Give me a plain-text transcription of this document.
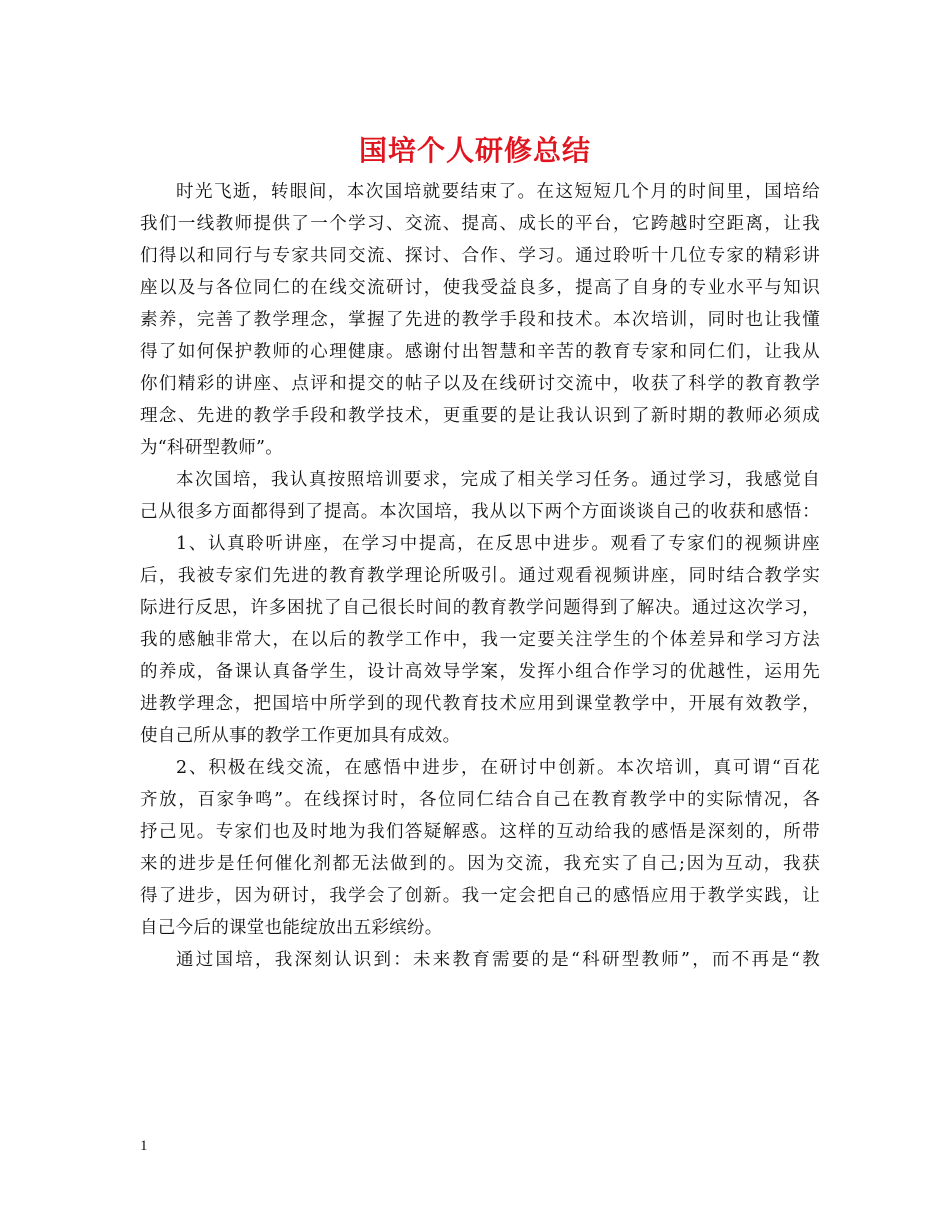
国培个人研修总结
时光飞逝，转眼间，本次国培就要结束了。在这短短几个月的时间里，国培给
我们一线教师提供了一个学习、交流、提高、成长的平台，它跨越时空距离，让我
们得以和同行与专家共同交流、探讨、合作、学习。通过聆听十几位专家的精彩讲
座以及与各位同仁的在线交流研讨，使我受益良多，提高了自身的专业水平与知识
素养，完善了教学理念，掌握了先进的教学手段和技术。本次培训，同时也让我懂
得了如何保护教师的心理健康。感谢付出智慧和辛苦的教育专家和同仁们，让我从
你们精彩的讲座、点评和提交的帖子以及在线研讨交流中，收获了科学的教育教学
理念、先进的教学手段和教学技术，更重要的是让我认识到了新时期的教师必须成
为“科研型教师”。
本次国培，我认真按照培训要求，完成了相关学习任务。通过学习，我感觉自
己从很多方面都得到了提高。本次国培，我从以下两个方面谈谈自己的收获和感悟：
1、认真聆听讲座，在学习中提高，在反思中进步。观看了专家们的视频讲座
后，我被专家们先进的教育教学理论所吸引。通过观看视频讲座，同时结合教学实
际进行反思，许多困扰了自己很长时间的教育教学问题得到了解决。通过这次学习，
我的感触非常大，在以后的教学工作中，我一定要关注学生的个体差异和学习方法
的养成，备课认真备学生，设计高效导学案，发挥小组合作学习的优越性，运用先
进教学理念，把国培中所学到的现代教育技术应用到课堂教学中，开展有效教学，
使自己所从事的教学工作更加具有成效。
2、积极在线交流，在感悟中进步，在研讨中创新。本次培训，真可谓“百花
齐放，百家争鸣”。在线探讨时，各位同仁结合自己在教育教学中的实际情况，各
抒己见。专家们也及时地为我们答疑解惑。这样的互动给我的感悟是深刻的，所带
来的进步是任何催化剂都无法做到的。因为交流，我充实了自己;因为互动，我获
得了进步，因为研讨，我学会了创新。我一定会把自己的感悟应用于教学实践，让
自己今后的课堂也能绽放出五彩缤纷。
通过国培，我深刻认识到：未来教育需要的是“科研型教师”，而不再是“教
1
